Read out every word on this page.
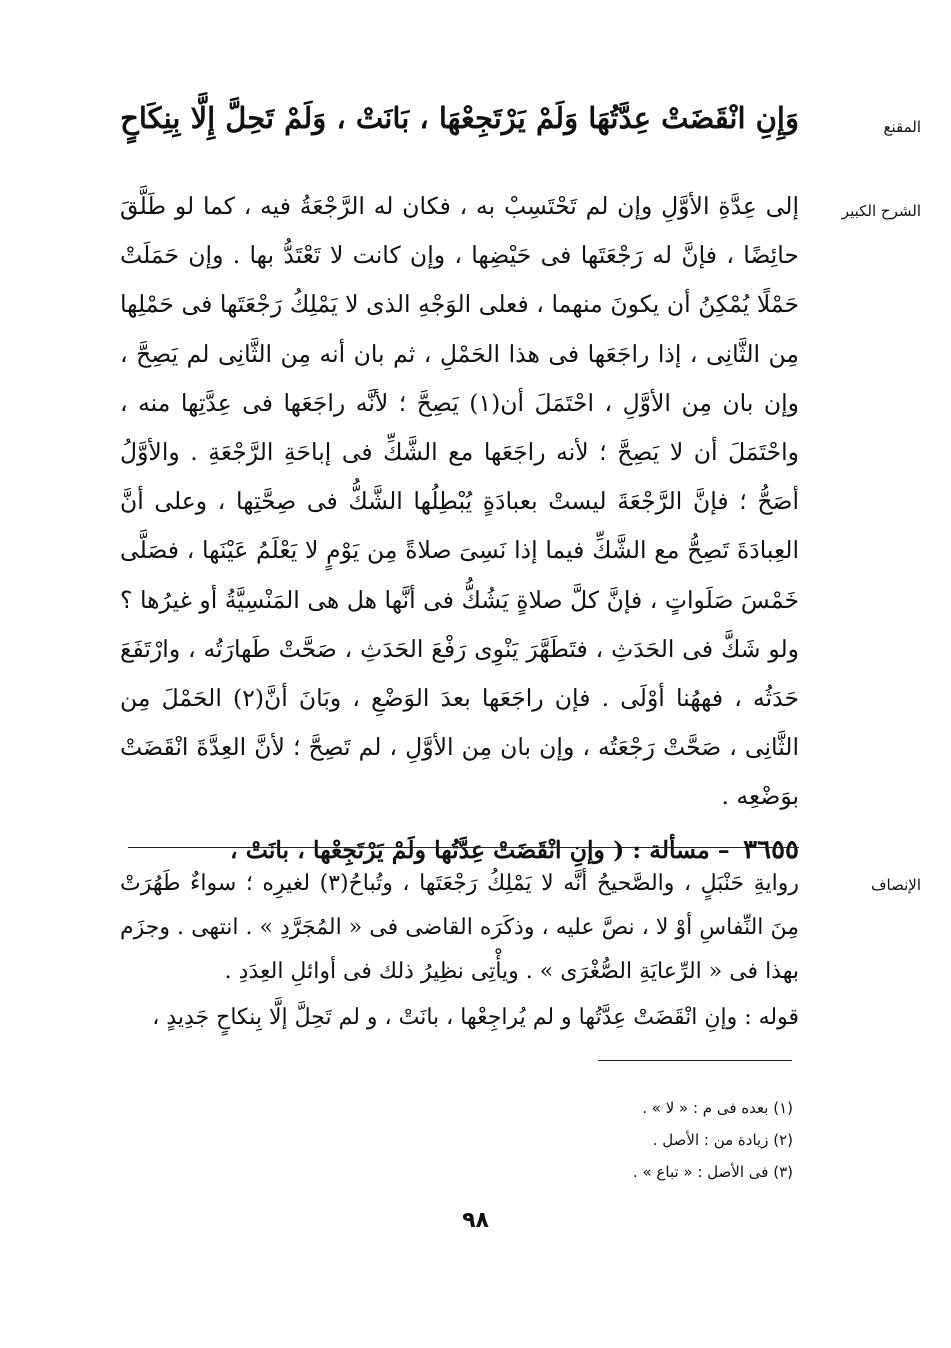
المقنع
وَإِنِ انْقَضَتْ عِدَّتُهَا وَلَمْ يَرْتَجِعْهَا ، بَانَتْ ، وَلَمْ تَحِلَّ إِلَّا بِنِكَاحٍ
الشرح الكبير

إلى عِدَّةِ الأوَّلِ وإن لم تَحْتَسِبْ به ، فكان له الرَّجْعَةُ فيه ، كما لو طَلَّقَ حائِضًا ، فإنَّ له رَجْعَتَها فى حَيْضِها ، وإن كانت لا تَعْتَدُّ بها . وإن حَمَلَتْ حَمْلًا يُمْكِنُ أن يكونَ منهما ، فعلى الوَجْهِ الذى لا يَمْلِكُ رَجْعَتَها فى حَمْلِها مِن الثَّانِى ، إذا راجَعَها فى هذا الحَمْلِ ، ثم بان أنه مِن الثَّانِى لم يَصِحَّ ، وإن بان مِن الأوَّلِ ، احْتَمَلَ أن(١) يَصِحَّ ؛ لأنَّه راجَعَها فى عِدَّتِها منه ، واحْتَمَلَ أن لا يَصِحَّ ؛ لأنه راجَعَها مع الشَّكِّ فى إباحَةِ الرَّجْعَةِ . والأوَّلُ أصَحُّ ؛ فإنَّ الرَّجْعَةَ ليستْ بعبادَةٍ يُبْطِلُها الشَّكُّ فى صِحَّتِها ، وعلى أنَّ العِبادَةَ تَصِحُّ مع الشَّكِّ فيما إذا نَسِىَ صلاةً مِن يَوْمٍ لا يَعْلَمُ عَيْنَها ، فصَلَّى خَمْسَ صَلَواتٍ ، فإنَّ كلَّ صلاةٍ يَشُكُّ فى أنَّها هل هى المَنْسِيَّةُ أو غيرُها ؟ ولو شَكَّ فى الحَدَثِ ، فتَطَهَّرَ يَنْوِى رَفْعَ الحَدَثِ ، صَحَّتْ طَهارَتُه ، وارْتَفَعَ حَدَثُه ، فههُنا أوْلَى . فإن راجَعَها بعدَ الوَضْعِ ، وبَانَ أنَّ(٢) الحَمْلَ مِن الثَّانِى ، صَحَّتْ رَجْعَتُه ، وإن بان مِن الأوَّلِ ، لم تَصِحَّ ؛ لأنَّ العِدَّةَ انْقَضَتْ بوَضْعِه .

٣٦٥٥ – مسألة : ( وإنِ انْقَضَتْ عِدَّتُها ولَمْ يَرْتَجِعْها ، بانَتْ ،

الإنصاف

روايةِ حَنْبَلٍ ، والصَّحيحُ أنَّه لا يَمْلِكُ رَجْعَتَها ، وتُباحُ(٣) لغيرِه ؛ سواءٌ طَهُرَتْ مِنَ النِّفاسِ أوْ لا ، نصَّ عليه ، وذكَرَه القاضى فى « المُجَرَّدِ » . انتهى . وجزَم بهذا فى « الرِّعايَةِ الصُّغْرَى » . ويأْتِى نظِيرُ ذلك فى أوائلِ العِدَدِ .

قوله : وإنِ انْقَضَتْ عِدَّتُها و لم يُراجِعْها ، بانَتْ ، و لم تَحِلَّ إلَّا بِنكاحٍ جَدِيدٍ ،

(١) بعده فى م : « لا » .
(٢) زيادة من : الأصل .
(٣) فى الأصل : « تباع » .
٩٨
